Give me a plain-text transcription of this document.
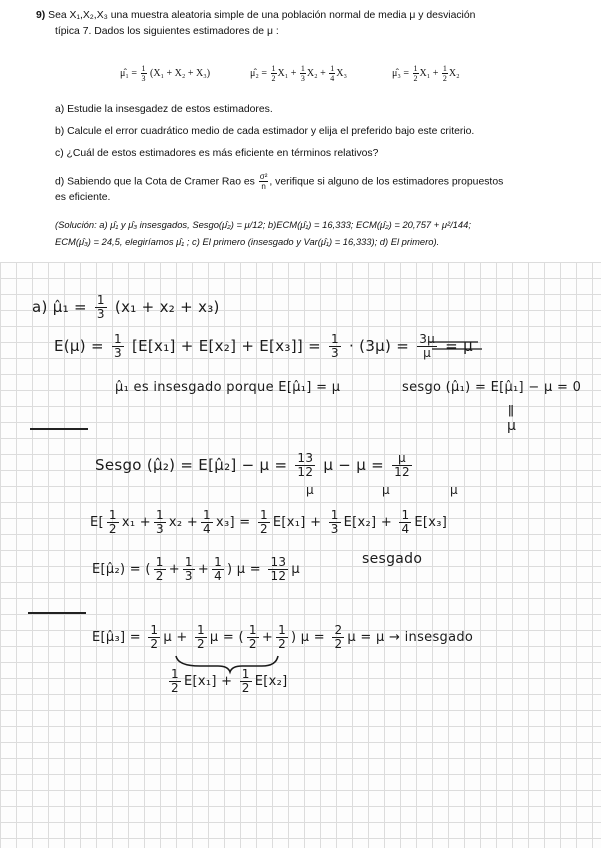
9) Sea X₁,X₂,X₃ una muestra aleatoria simple de una población normal de media μ y desviación
típica 7. Dados los siguientes estimadores de μ :
μ̂₁ = $\frac{1}{3} (X_1 + X_2 + X_3)$	μ̂₂ = $\frac{1}{2} X_1 + \frac{1}{3} X_2 + \frac{1}{4} X_3$	μ̂₃ = $\frac{1}{2} X_1 + \frac{1}{2} X_2$
a) Estudie la insesgadez de estos estimadores.
b) Calcule el error cuadrático medio de cada estimador y elija el preferido bajo este criterio.
c) ¿Cuál de estos estimadores es más eficiente en términos relativos?
d) Sabiendo que la Cota de Cramer Rao es $\frac{\text{σ²}}{n}$ , verifique si alguno de los estimadores propuestos
es eficiente.
(Solución: a) μ̂₁ y μ̂₃ insesgados, Sesgo(μ̂₂) = μ/12; b)ECM(μ̂₁) = 16,333; ECM(μ̂₂) = 20,757 + μ²/144;
ECM(μ̂₃) = 24,5, elegiríamos μ̂₁ ; c) El primero (insesgado y Var(μ̂₁) = 16,333); d) El primero).
a) μ̂₁ = $\frac{1}{3} (x_1 + x_2 + x_3)$
$E(\mu) = \frac{1}{3} [E[x_1] + E[x_2] + E[x_3]] = \frac{1}{3} \cdot (3\mu) = \frac{3\mu}{\mu} = \mu$
μ̂₁ es insesgado porque E[μ̂₁] = μ	sesgo (μ̂₁) = E[μ̂₁] − μ = 0
ǁ
μ
Sesgo (μ̂₂) = E[μ̂₂] − $\mu = \frac{13}{12}$ $\mu - \mu = \frac{\mu}{12}$
μ	μ	μ
$E[ \frac{1}{2} x_1 + \frac{1}{3} x_2 + \frac{1}{4} x_3] = \frac{1}{2} E[x_1] + \frac{1}{3} E[x_2] + \frac{1}{4} E[x_3]$
E[μ̂₂) = ( $\frac{1}{2} + \frac{1}{3} + \frac{1}{4}$ ) $\mu = \frac{13}{12}$ μ
sesgado
E[μ̂₃] = $\frac{1}{2}$ $\mu + \frac{1}{2}$ μ = ( $\frac{1}{2} + \frac{1}{2}$ ) $\mu = \frac{2}{2}$ μ = μ → insesgado
$\frac{1}{2} E[x_1] + \frac{1}{2} E[x_2]$
